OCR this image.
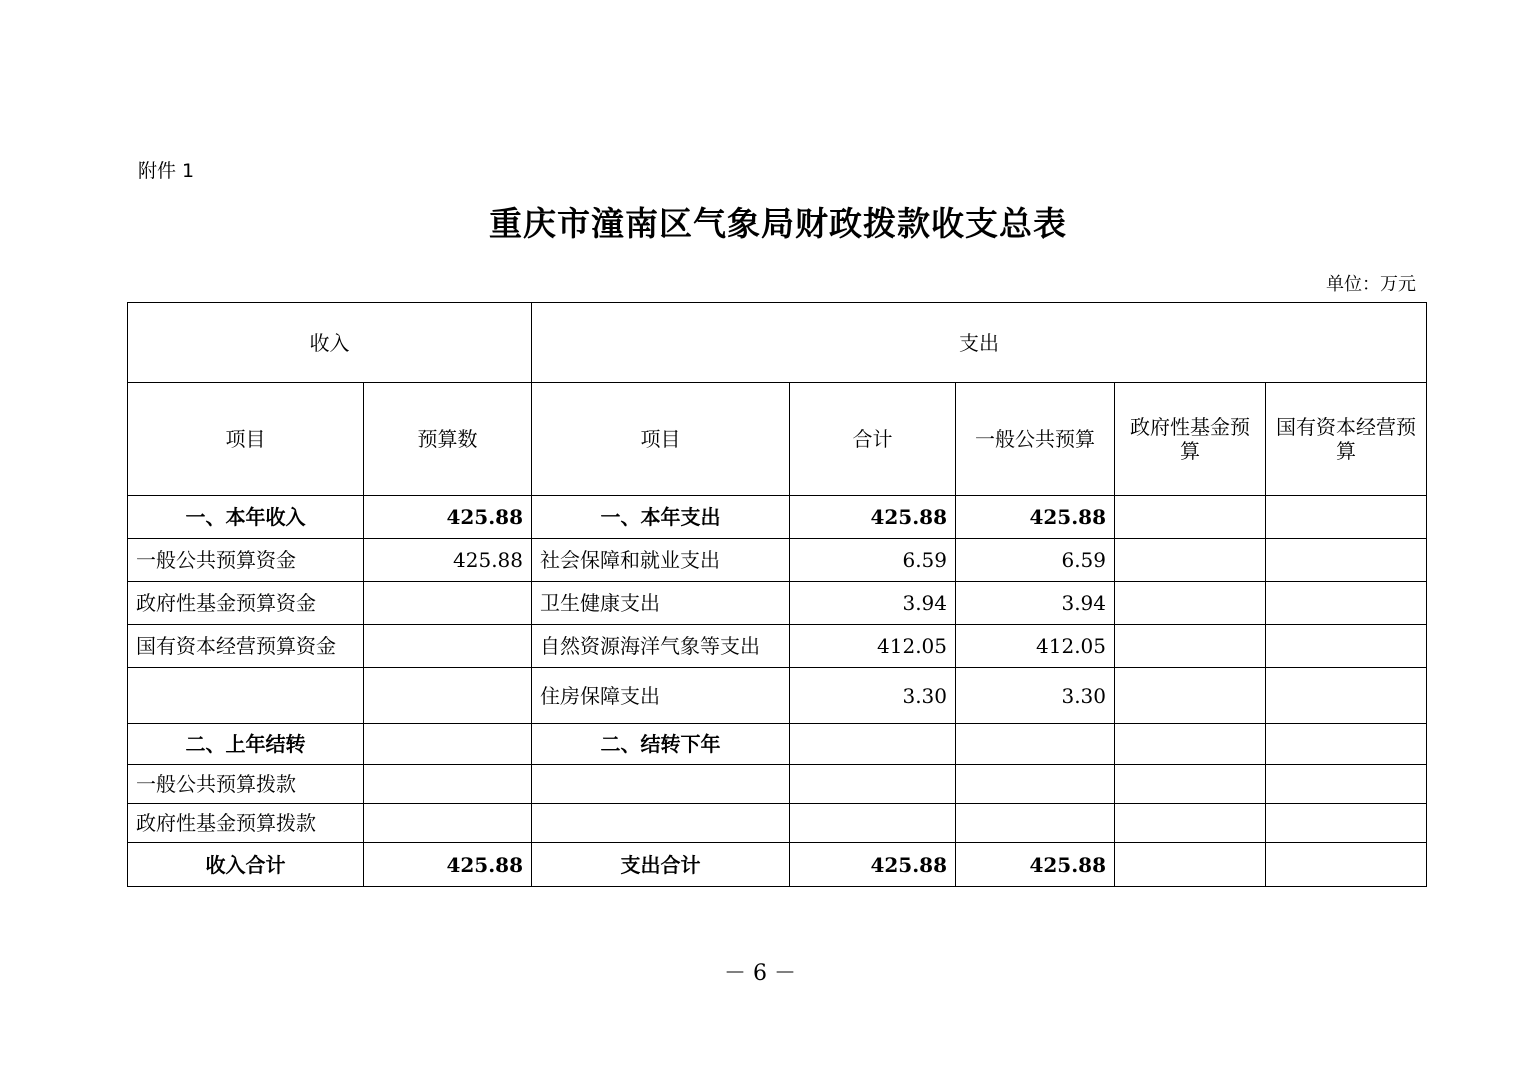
附件 1
重庆市潼南区气象局财政拨款收支总表
单位：万元
收入		支出				
项目	预算数	项目	合计	一般公共预算	政府性基金预算	国有资本经营预算
一、本年收入	425.88	一、本年支出	425.88	425.88		
一般公共预算资金	425.88	社会保障和就业支出	6.59	6.59		
政府性基金预算资金		卫生健康支出	3.94	3.94		
国有资本经营预算资金		自然资源海洋气象等支出	412.05	412.05		
		住房保障支出	3.30	3.30		
二、上年结转		二、结转下年				
一般公共预算拨款						
政府性基金预算拨款						
收入合计	425.88	支出合计	425.88	425.88		
－ 6 －
